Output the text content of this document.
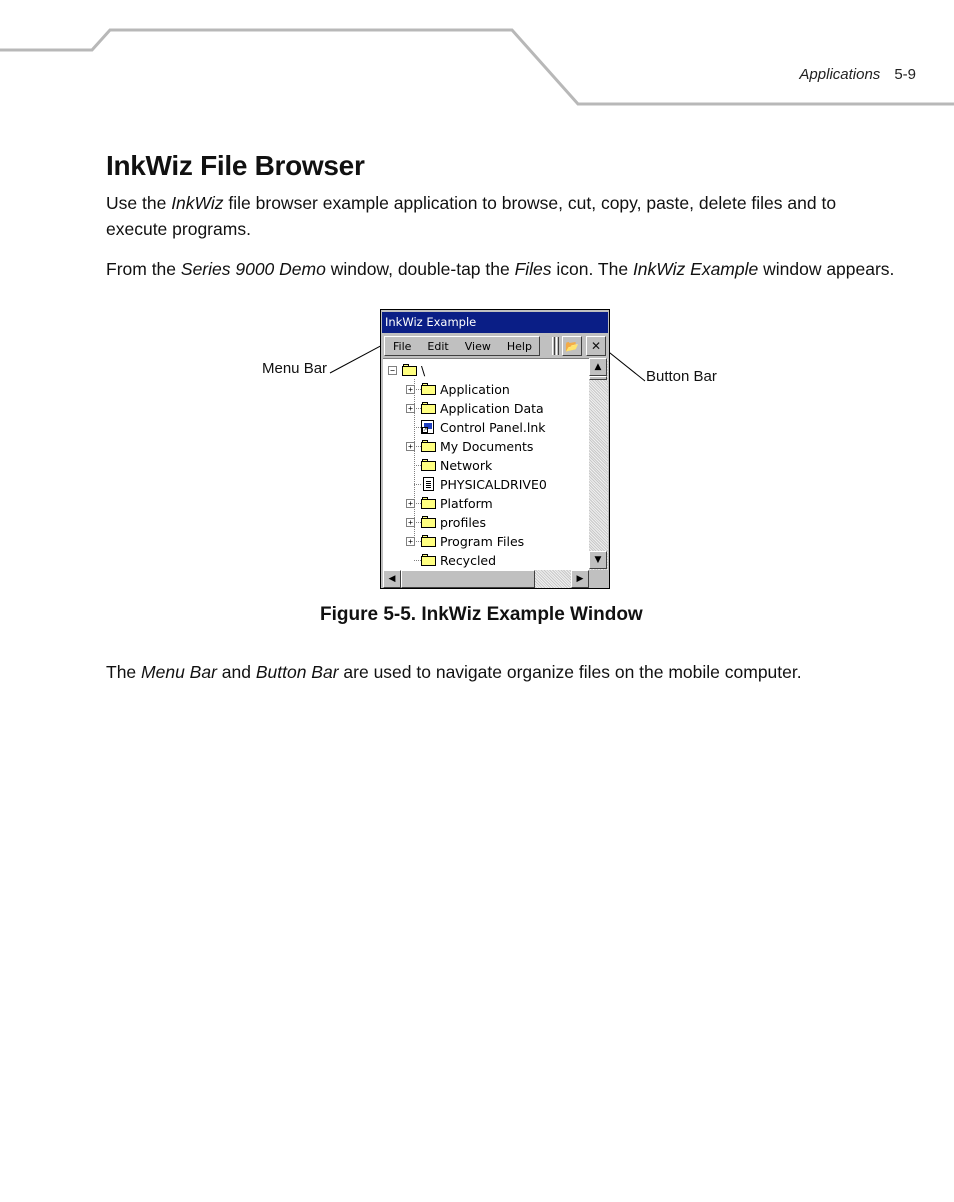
Applications 5-9
InkWiz File Browser

Use the InkWiz file browser example application to browse, cut, copy, paste, delete files and to execute programs.

From the Series 9000 Demo window, double-tap the Files icon. The InkWiz Example window appears.

Menu Bar	Button Bar
InkWiz Example
File	Edit	View	Help	📂 ✕
− \
+ Application
+ Application Data
↗ Control Panel.lnk
+ My Documents
Network
PHYSICALDRIVE0
+ Platform
+ profiles
+ Program Files
Recycled
▲
▼
◀	▶
Figure 5-5. InkWiz Example Window

The Menu Bar and Button Bar are used to navigate organize files on the mobile computer.
